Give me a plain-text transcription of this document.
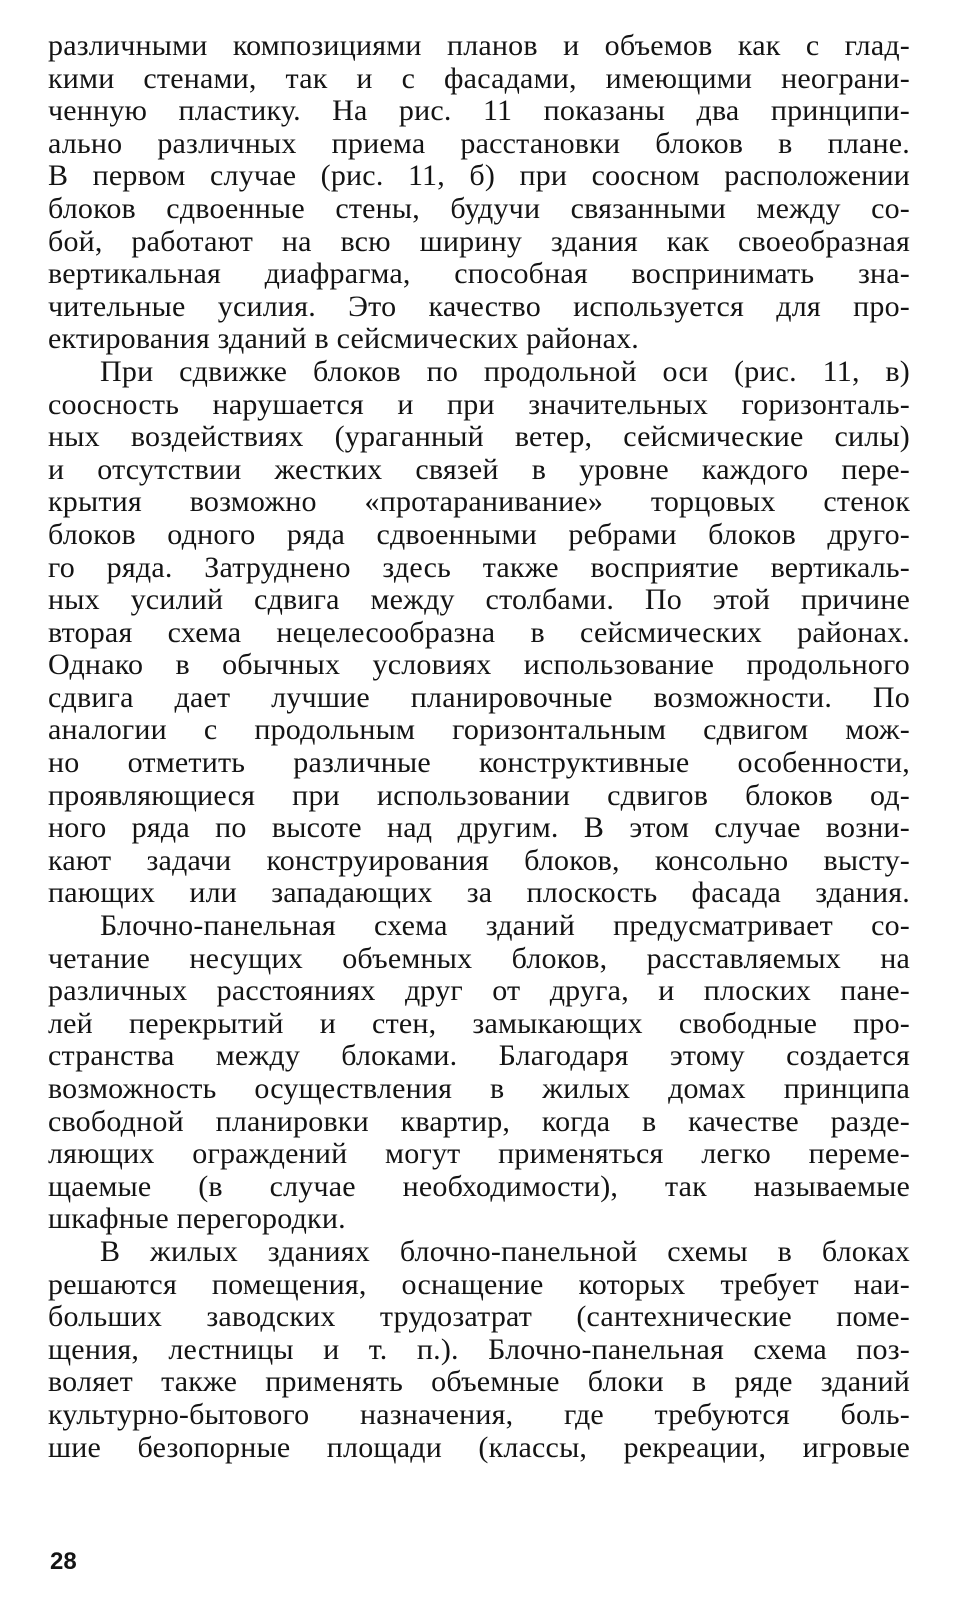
различными композициями планов и объемов как с глад-
кими стенами, так и с фасадами, имеющими неограни-
ченную пластику. На рис. 11 показаны два принципи-
ально различных приема расстановки блоков в плане.
В первом случае (рис. 11, б) при соосном расположении
блоков сдвоенные стены, будучи связанными между со-
бой, работают на всю ширину здания как своеобразная
вертикальная диафрагма, способная воспринимать зна-
чительные усилия. Это качество используется для про-
ектирования зданий в сейсмических районах.
При сдвижке блоков по продольной оси (рис. 11, в)
соосность нарушается и при значительных горизонталь-
ных воздействиях (ураганный ветер, сейсмические силы)
и отсутствии жестких связей в уровне каждого пере-
крытия возможно «протаранивание» торцовых стенок
блоков одного ряда сдвоенными ребрами блоков друго-
го ряда. Затруднено здесь также восприятие вертикаль-
ных усилий сдвига между столбами. По этой причине
вторая схема нецелесообразна в сейсмических районах.
Однако в обычных условиях использование продольного
сдвига дает лучшие планировочные возможности. По
аналогии с продольным горизонтальным сдвигом мож-
но отметить различные конструктивные особенности,
проявляющиеся при использовании сдвигов блоков од-
ного ряда по высоте над другим. В этом случае возни-
кают задачи конструирования блоков, консольно высту-
пающих или западающих за плоскость фасада здания.
Блочно-панельная схема зданий предусматривает со-
четание несущих объемных блоков, расставляемых на
различных расстояниях друг от друга, и плоских пане-
лей перекрытий и стен, замыкающих свободные про-
странства между блоками. Благодаря этому создается
возможность осуществления в жилых домах принципа
свободной планировки квартир, когда в качестве разде-
ляющих ограждений могут применяться легко переме-
щаемые (в случае необходимости), так называемые
шкафные перегородки.
В жилых зданиях блочно-панельной схемы в блоках
решаются помещения, оснащение которых требует наи-
больших заводских трудозатрат (сантехнические поме-
щения, лестницы и т. п.). Блочно-панельная схема поз-
воляет также применять объемные блоки в ряде зданий
культурно-бытового назначения, где требуются боль-
шие безопорные площади (классы, рекреации, игровые
28
